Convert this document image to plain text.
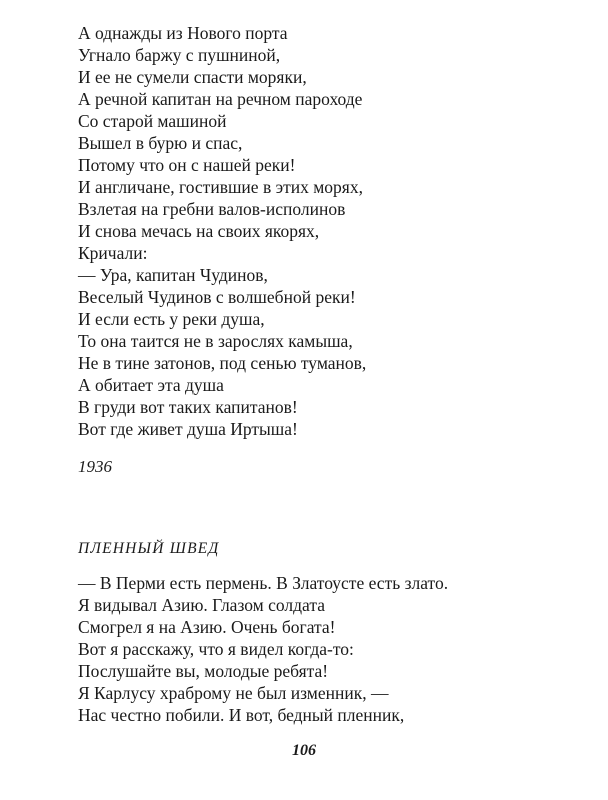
А однажды из Нового порта
Угнало баржу с пушниной,
И ее не сумели спасти моряки,
А речной капитан на речном пароходе
Со старой машиной
Вышел в бурю и спас,
Потому что он с нашей реки!
И англичане, гостившие в этих морях,
Взлетая на гребни валов-исполинов
И снова мечась на своих якорях,
Кричали:
— Ура, капитан Чудинов,
Веселый Чудинов с волшебной реки!
И если есть у реки душа,
То она таится не в зарослях камыша,
Не в тине затонов, под сенью туманов,
А обитает эта душа
В груди вот таких капитанов!
Вот где живет душа Иртыша!
1936
ПЛЕННЫЙ ШВЕД
— В Перми есть пермень. В Златоусте есть злато.
Я видывал Азию. Глазом солдата
Смогрел я на Азию. Очень богата!
Вот я расскажу, что я видел когда-то:
Послушайте вы, молодые ребята!
Я Карлусу храброму не был изменник, —
Нас честно побили. И вот, бедный пленник,
106
